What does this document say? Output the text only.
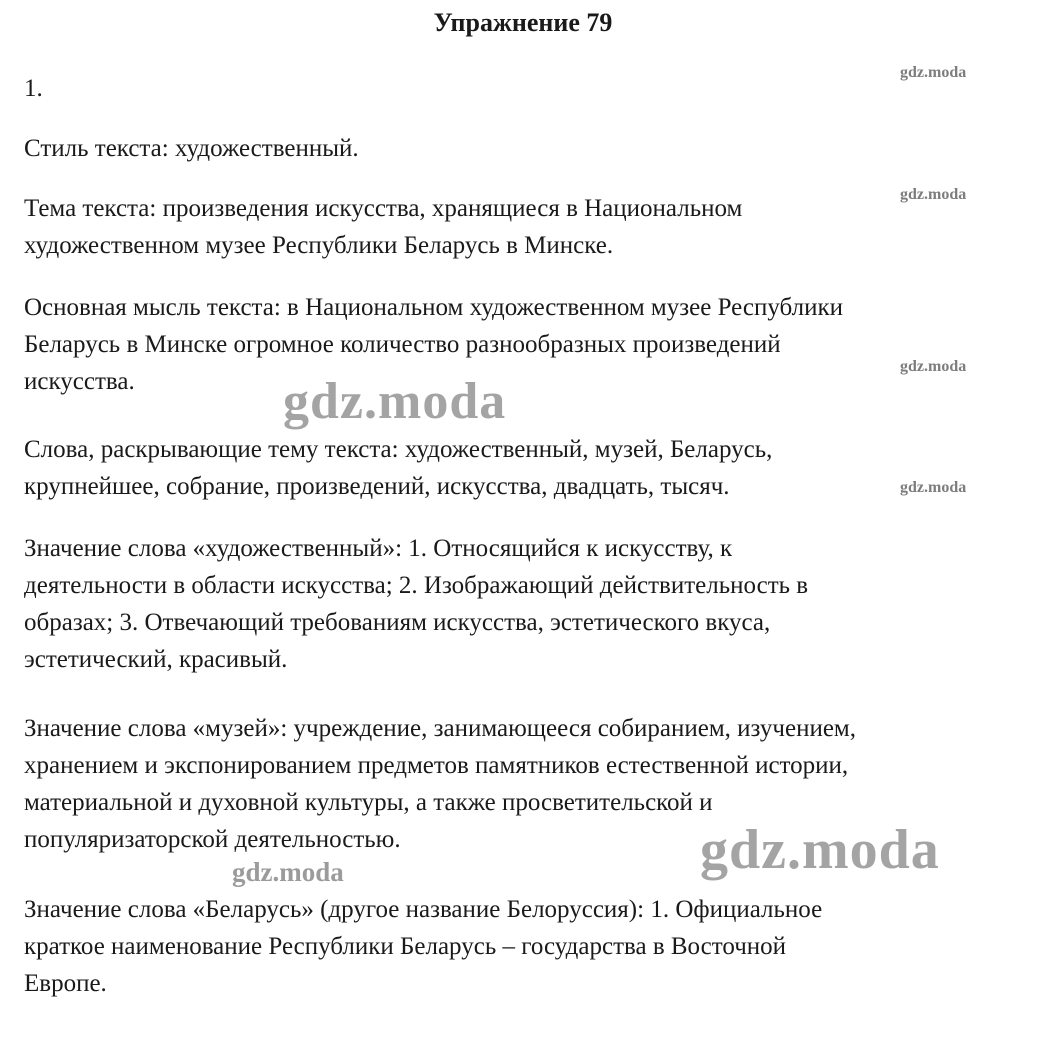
Упражнение 79
1.
Стиль текста: художественный.
Тема текста: произведения искусства, хранящиеся в Национальном
художественном музее Республики Беларусь в Минске.
Основная мысль текста: в Национальном художественном музее Республики
Беларусь в Минске огромное количество разнообразных произведений
искусства.
Слова, раскрывающие тему текста: художественный, музей, Беларусь,
крупнейшее, собрание, произведений, искусства, двадцать, тысяч.
Значение слова «художественный»: 1. Относящийся к искусству, к
деятельности в области искусства; 2. Изображающий действительность в
образах; 3. Отвечающий требованиям искусства, эстетического вкуса,
эстетический, красивый.
Значение слова «музей»: учреждение, занимающееся собиранием, изучением,
хранением и экспонированием предметов памятников естественной истории,
материальной и духовной культуры, а также просветительской и
популяризаторской деятельностью.
Значение слова «Беларусь» (другое название Белоруссия): 1. Официальное
краткое наименование Республики Беларусь – государства в Восточной
Европе.
gdz.moda
gdz.moda
gdz.moda
gdz.moda
gdz.moda
gdz.moda
gdz.moda
